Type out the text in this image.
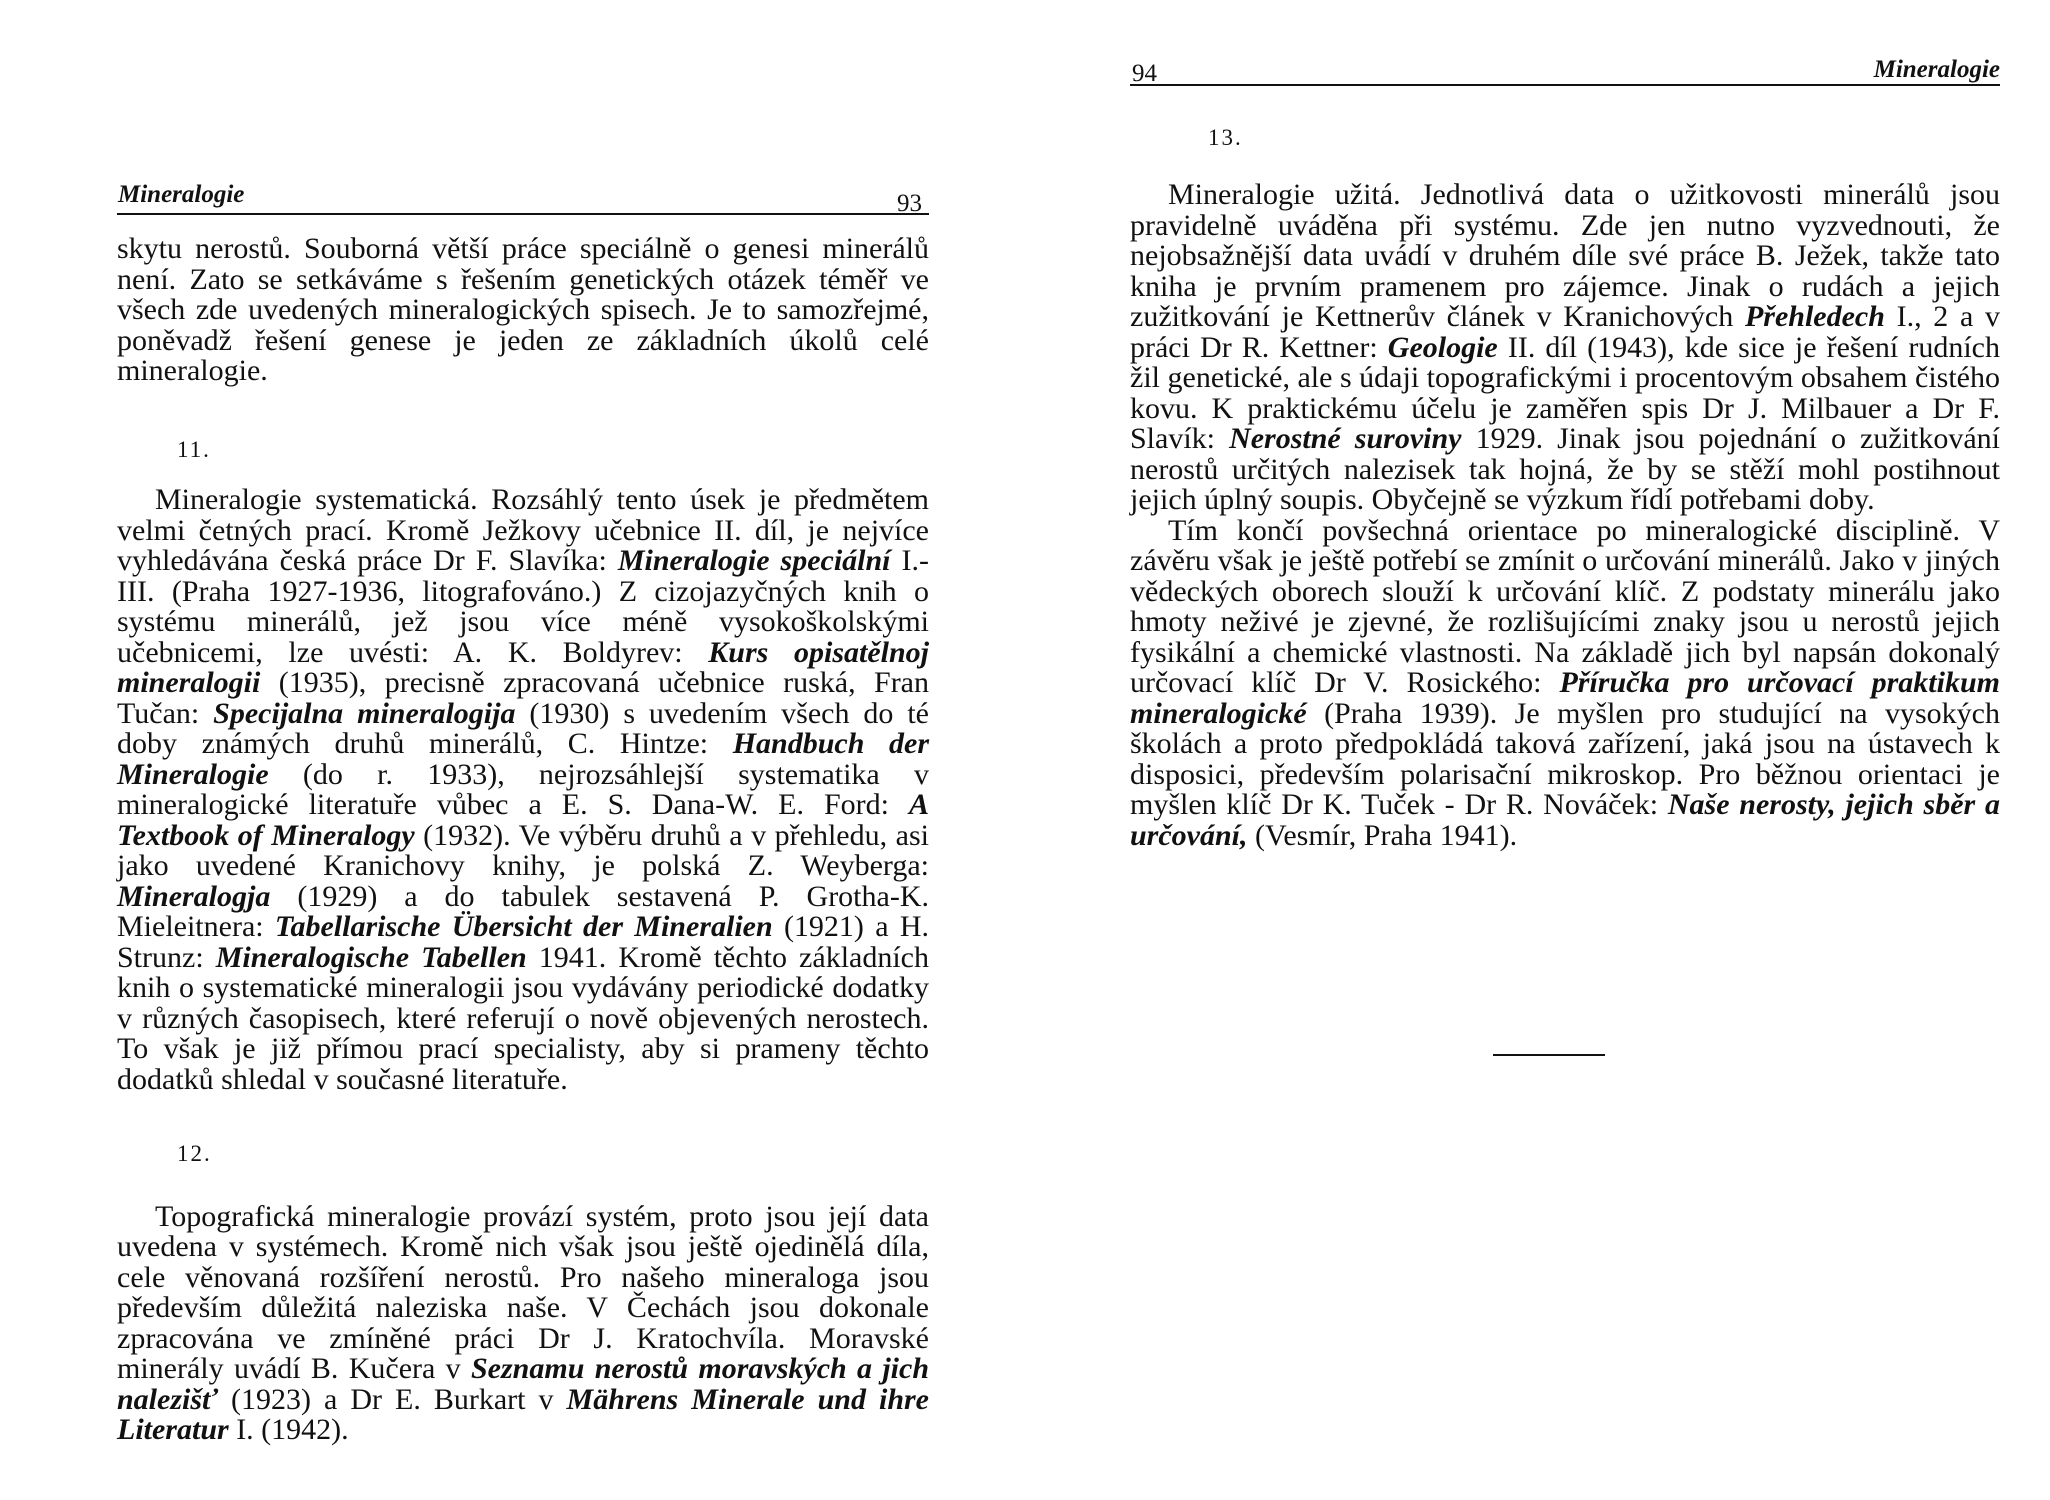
Mineralogie	93

skytu nerostů. Souborná větší práce speciálně o genesi minerálů není. Zato se setkáváme s řešením genetických otázek téměř ve všech zde uvedených mineralogických spisech. Je to samozřejmé, poněvadž řešení genese je jeden ze základních úkolů celé mineralogie.

11.

Mineralogie systematická. Rozsáhlý tento úsek je předmětem velmi četných prací. Kromě Ježkovy učebnice II. díl, je nejvíce vyhledávána česká práce Dr F. Slavíka: Mineralogie speciální I.-III. (Praha 1927-1936, litografováno.) Z cizojazyčných knih o systému minerálů, jež jsou více méně vysokoškolskými učebnicemi, lze uvésti: A. K. Boldyrev: Kurs opisatělnoj mineralogii (1935), precisně zpracovaná učebnice ruská, Fran Tučan: Specijalna mineralogija (1930) s uvedením všech do té doby známých druhů minerálů, C. Hintze: Handbuch der Mineralogie (do r. 1933), nejrozsáhlejší systematika v mineralogické literatuře vůbec a E. S. Dana-W. E. Ford: A Textbook of Mineralogy (1932). Ve výběru druhů a v přehledu, asi jako uvedené Kranichovy knihy, je polská Z. Weyberga: Mineralogja (1929) a do tabulek sestavená P. Grotha-K. Mieleitnera: Tabellarische Übersicht der Mineralien (1921) a H. Strunz: Mineralogische Tabellen 1941. Kromě těchto základních knih o systematické mineralogii jsou vydávány periodické dodatky v různých časopisech, které referují o nově objevených nerostech. To však je již přímou prací specialisty, aby si prameny těchto dodatků shledal v současné literatuře.

12.

Topografická mineralogie provází systém, proto jsou její data uvedena v systémech. Kromě nich však jsou ještě ojedinělá díla, cele věnovaná rozšíření nerostů. Pro našeho mineraloga jsou především důležitá naleziska naše. V Čechách jsou dokonale zpracována ve zmíněné práci Dr J. Kratochvíla. Moravské minerály uvádí B. Kučera v Seznamu nerostů moravských a jich nalezišť (1923) a Dr E. Burkart v Mährens Minerale und ihre Literatur I. (1942).

94	Mineralogie
13.

Mineralogie užitá. Jednotlivá data o užitkovosti minerálů jsou pravidelně uváděna při systému. Zde jen nutno vyzvednouti, že nejobsažnější data uvádí v druhém díle své práce B. Ježek, takže tato kniha je prvním pramenem pro zájemce. Jinak o rudách a jejich zužitkování je Kettnerův článek v Kranichových Přehledech I., 2 a v práci Dr R. Kettner: Geologie II. díl (1943), kde sice je řešení rudních žil genetické, ale s údaji topografickými i procentovým obsahem čistého kovu. K praktickému účelu je zaměřen spis Dr J. Milbauer a Dr F. Slavík: Nerostné suroviny 1929. Jinak jsou pojednání o zužitkování nerostů určitých nalezisek tak hojná, že by se stěží mohl postihnout jejich úplný soupis. Obyčejně se výzkum řídí potřebami doby.

Tím končí povšechná orientace po mineralogické disciplině. V závěru však je ještě potřebí se zmínit o určování minerálů. Jako v jiných vědeckých oborech slouží k určování klíč. Z podstaty minerálu jako hmoty neživé je zjevné, že rozlišujícími znaky jsou u nerostů jejich fysikální a chemické vlastnosti. Na základě jich byl napsán dokonalý určovací klíč Dr V. Rosického: Příručka pro určovací praktikum mineralogické (Praha 1939). Je myšlen pro studující na vysokých školách a proto předpokládá taková zařízení, jaká jsou na ústavech k disposici, především polarisační mikroskop. Pro běžnou orientaci je myšlen klíč Dr K. Tuček - Dr R. Nováček: Naše nerosty, jejich sběr a určování, (Vesmír, Praha 1941).
